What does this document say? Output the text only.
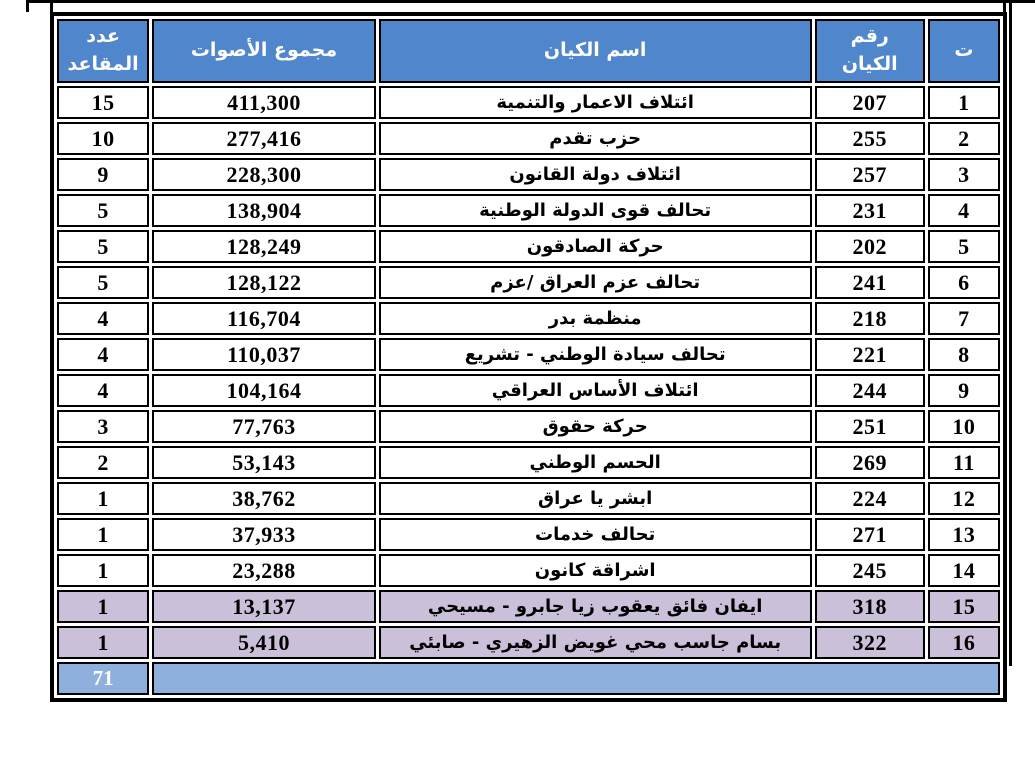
ت	رقم الكيان	اسم الكيان	مجموع الأصوات	عدد المقاعد
1	207	ائتلاف الاعمار والتنمية	411,300	15
2	255	حزب تقدم	277,416	10
3	257	ائتلاف دولة القانون	228,300	9
4	231	تحالف قوى الدولة الوطنية	138,904	5
5	202	حركة الصادقون	128,249	5
6	241	تحالف عزم العراق /عزم	128,122	5
7	218	منظمة بدر	116,704	4
8	221	تحالف سيادة الوطني - تشريع	110,037	4
9	244	ائتلاف الأساس العراقي	104,164	4
10	251	حركة حقوق	77,763	3
11	269	الحسم الوطني	53,143	2
12	224	ابشر يا عراق	38,762	1
13	271	تحالف خدمات	37,933	1
14	245	اشراقة كانون	23,288	1
15	318	ايفان فائق يعقوب زيا جابرو - مسيحي	13,137	1
16	322	بسام جاسب محي غويض الزهيري - صابئي	5,410	1
				71
